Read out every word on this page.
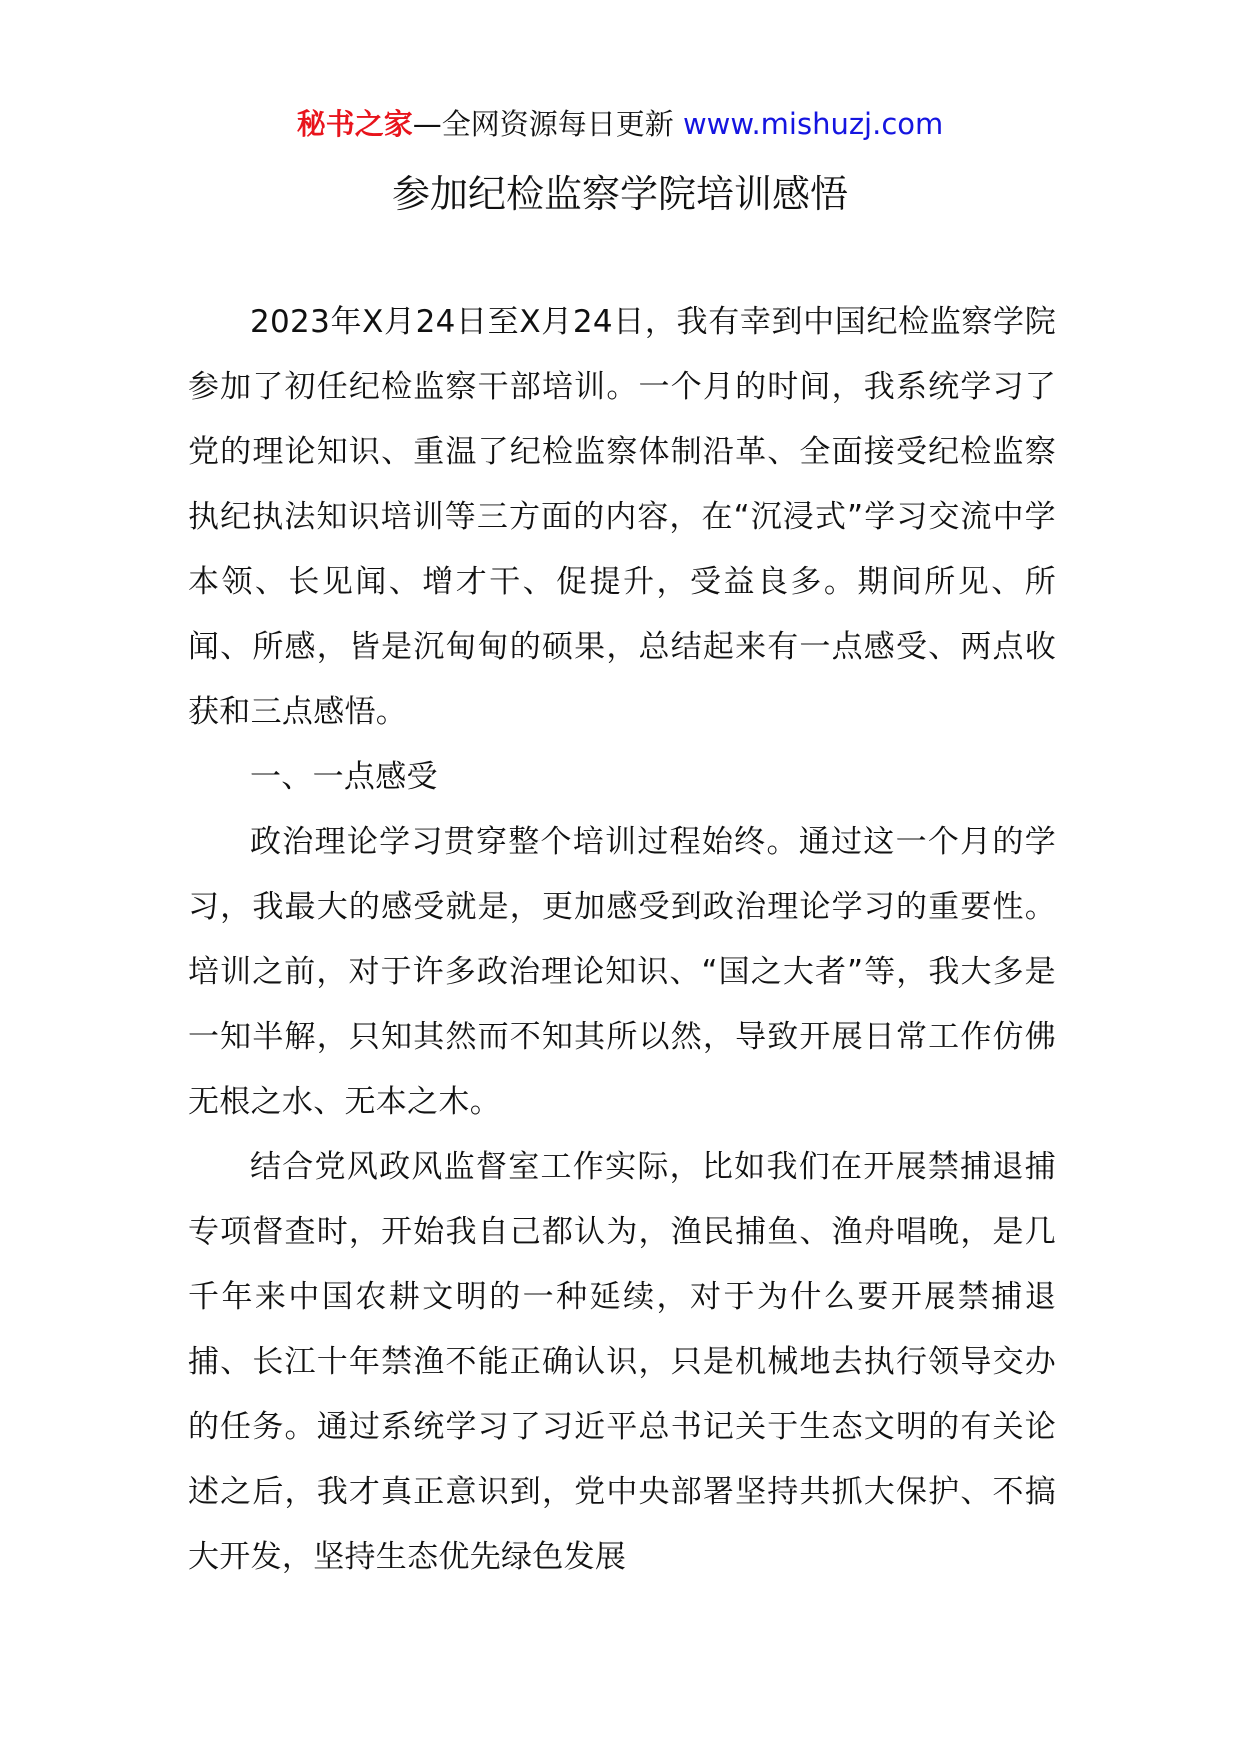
秘书之家—全网资源每日更新 www.mishuzj.com
参加纪检监察学院培训感悟

2023年X月24日至X月24日，我有幸到中国纪检监察学院参加了初任纪检监察干部培训。一个月的时间，我系统学习了党的理论知识、重温了纪检监察体制沿革、全面接受纪检监察执纪执法知识培训等三方面的内容，在“沉浸式”学习交流中学本领、长见闻、增才干、促提升，受益良多。期间所见、所闻、所感，皆是沉甸甸的硕果，总结起来有一点感受、两点收获和三点感悟。

一、一点感受

政治理论学习贯穿整个培训过程始终。通过这一个月的学习，我最大的感受就是，更加感受到政治理论学习的重要性。培训之前，对于许多政治理论知识、“国之大者”等，我大多是一知半解，只知其然而不知其所以然，导致开展日常工作仿佛无根之水、无本之木。

结合党风政风监督室工作实际，比如我们在开展禁捕退捕专项督查时，开始我自己都认为，渔民捕鱼、渔舟唱晚，是几千年来中国农耕文明的一种延续，对于为什么要开展禁捕退捕、长江十年禁渔不能正确认识，只是机械地去执行领导交办的任务。通过系统学习了习近平总书记关于生态文明的有关论述之后，我才真正意识到，党中央部署坚持共抓大保护、不搞大开发，坚持生态优先绿色发展
